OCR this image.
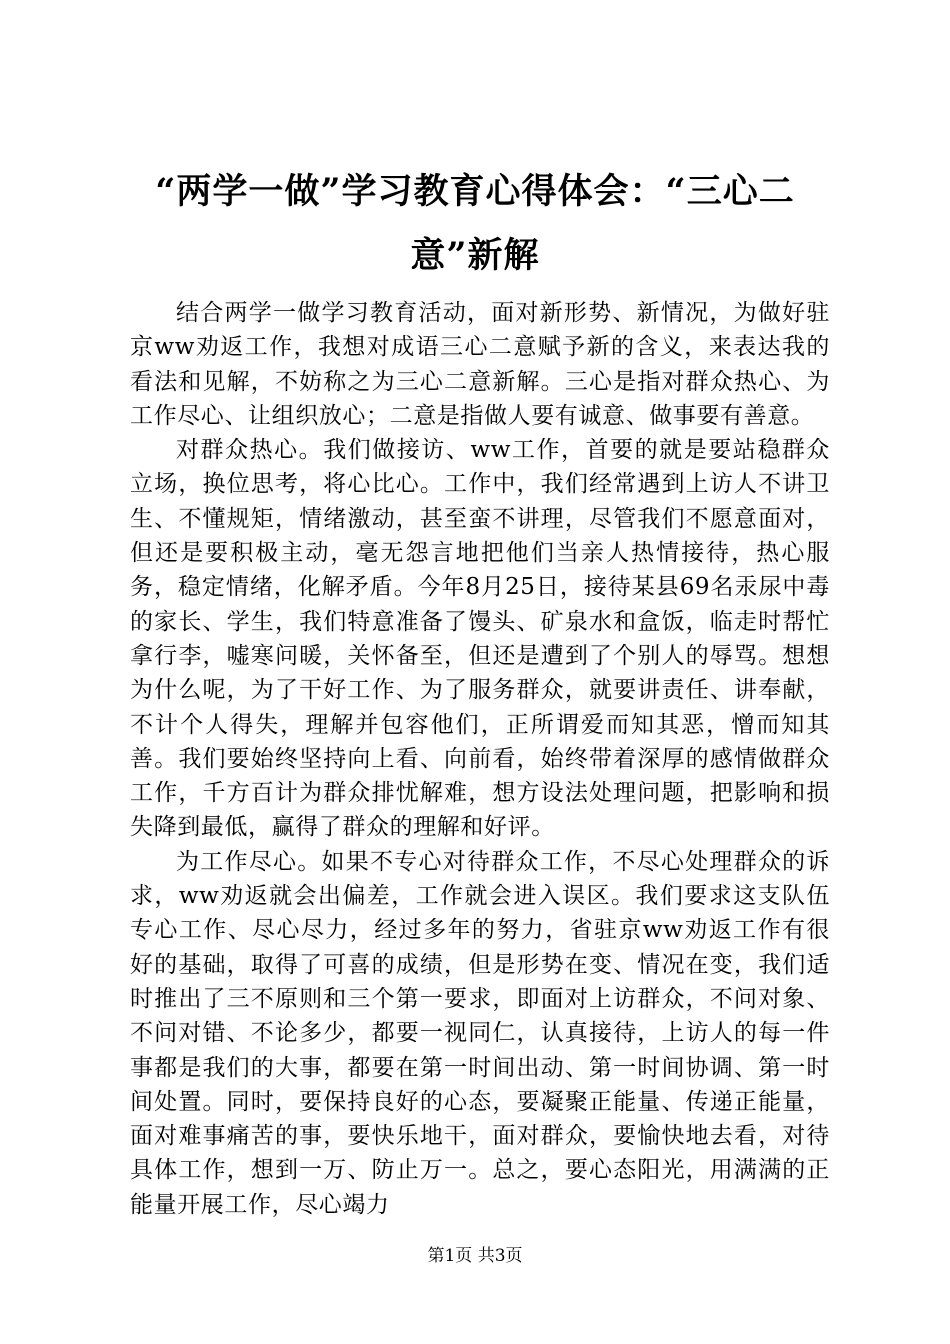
“两学一做”学习教育心得体会：“三心二意”新解

结合两学一做学习教育活动，面对新形势、新情况，为做好驻京ww劝返工作，我想对成语三心二意赋予新的含义，来表达我的看法和见解，不妨称之为三心二意新解。三心是指对群众热心、为工作尽心、让组织放心；二意是指做人要有诚意、做事要有善意。

对群众热心。我们做接访、ww工作，首要的就是要站稳群众立场，换位思考，将心比心。工作中，我们经常遇到上访人不讲卫生、不懂规矩，情绪激动，甚至蛮不讲理，尽管我们不愿意面对，但还是要积极主动，毫无怨言地把他们当亲人热情接待，热心服务，稳定情绪，化解矛盾。今年8月25日，接待某县69名汞尿中毒的家长、学生，我们特意准备了馒头、矿泉水和盒饭，临走时帮忙拿行李，嘘寒问暖，关怀备至，但还是遭到了个别人的辱骂。想想为什么呢，为了干好工作、为了服务群众，就要讲责任、讲奉献，不计个人得失，理解并包容他们，正所谓爱而知其恶，憎而知其善。我们要始终坚持向上看、向前看，始终带着深厚的感情做群众工作，千方百计为群众排忧解难，想方设法处理问题，把影响和损失降到最低，赢得了群众的理解和好评。

为工作尽心。如果不专心对待群众工作，不尽心处理群众的诉求，ww劝返就会出偏差，工作就会进入误区。我们要求这支队伍专心工作、尽心尽力，经过多年的努力，省驻京ww劝返工作有很好的基础，取得了可喜的成绩，但是形势在变、情况在变，我们适时推出了三不原则和三个第一要求，即面对上访群众，不问对象、不问对错、不论多少，都要一视同仁，认真接待，上访人的每一件事都是我们的大事，都要在第一时间出动、第一时间协调、第一时间处置。同时，要保持良好的心态，要凝聚正能量、传递正能量，面对难事痛苦的事，要快乐地干，面对群众，要愉快地去看，对待具体工作，想到一万、防止万一。总之，要心态阳光，用满满的正能量开展工作，尽心竭力

第1页 共3页
